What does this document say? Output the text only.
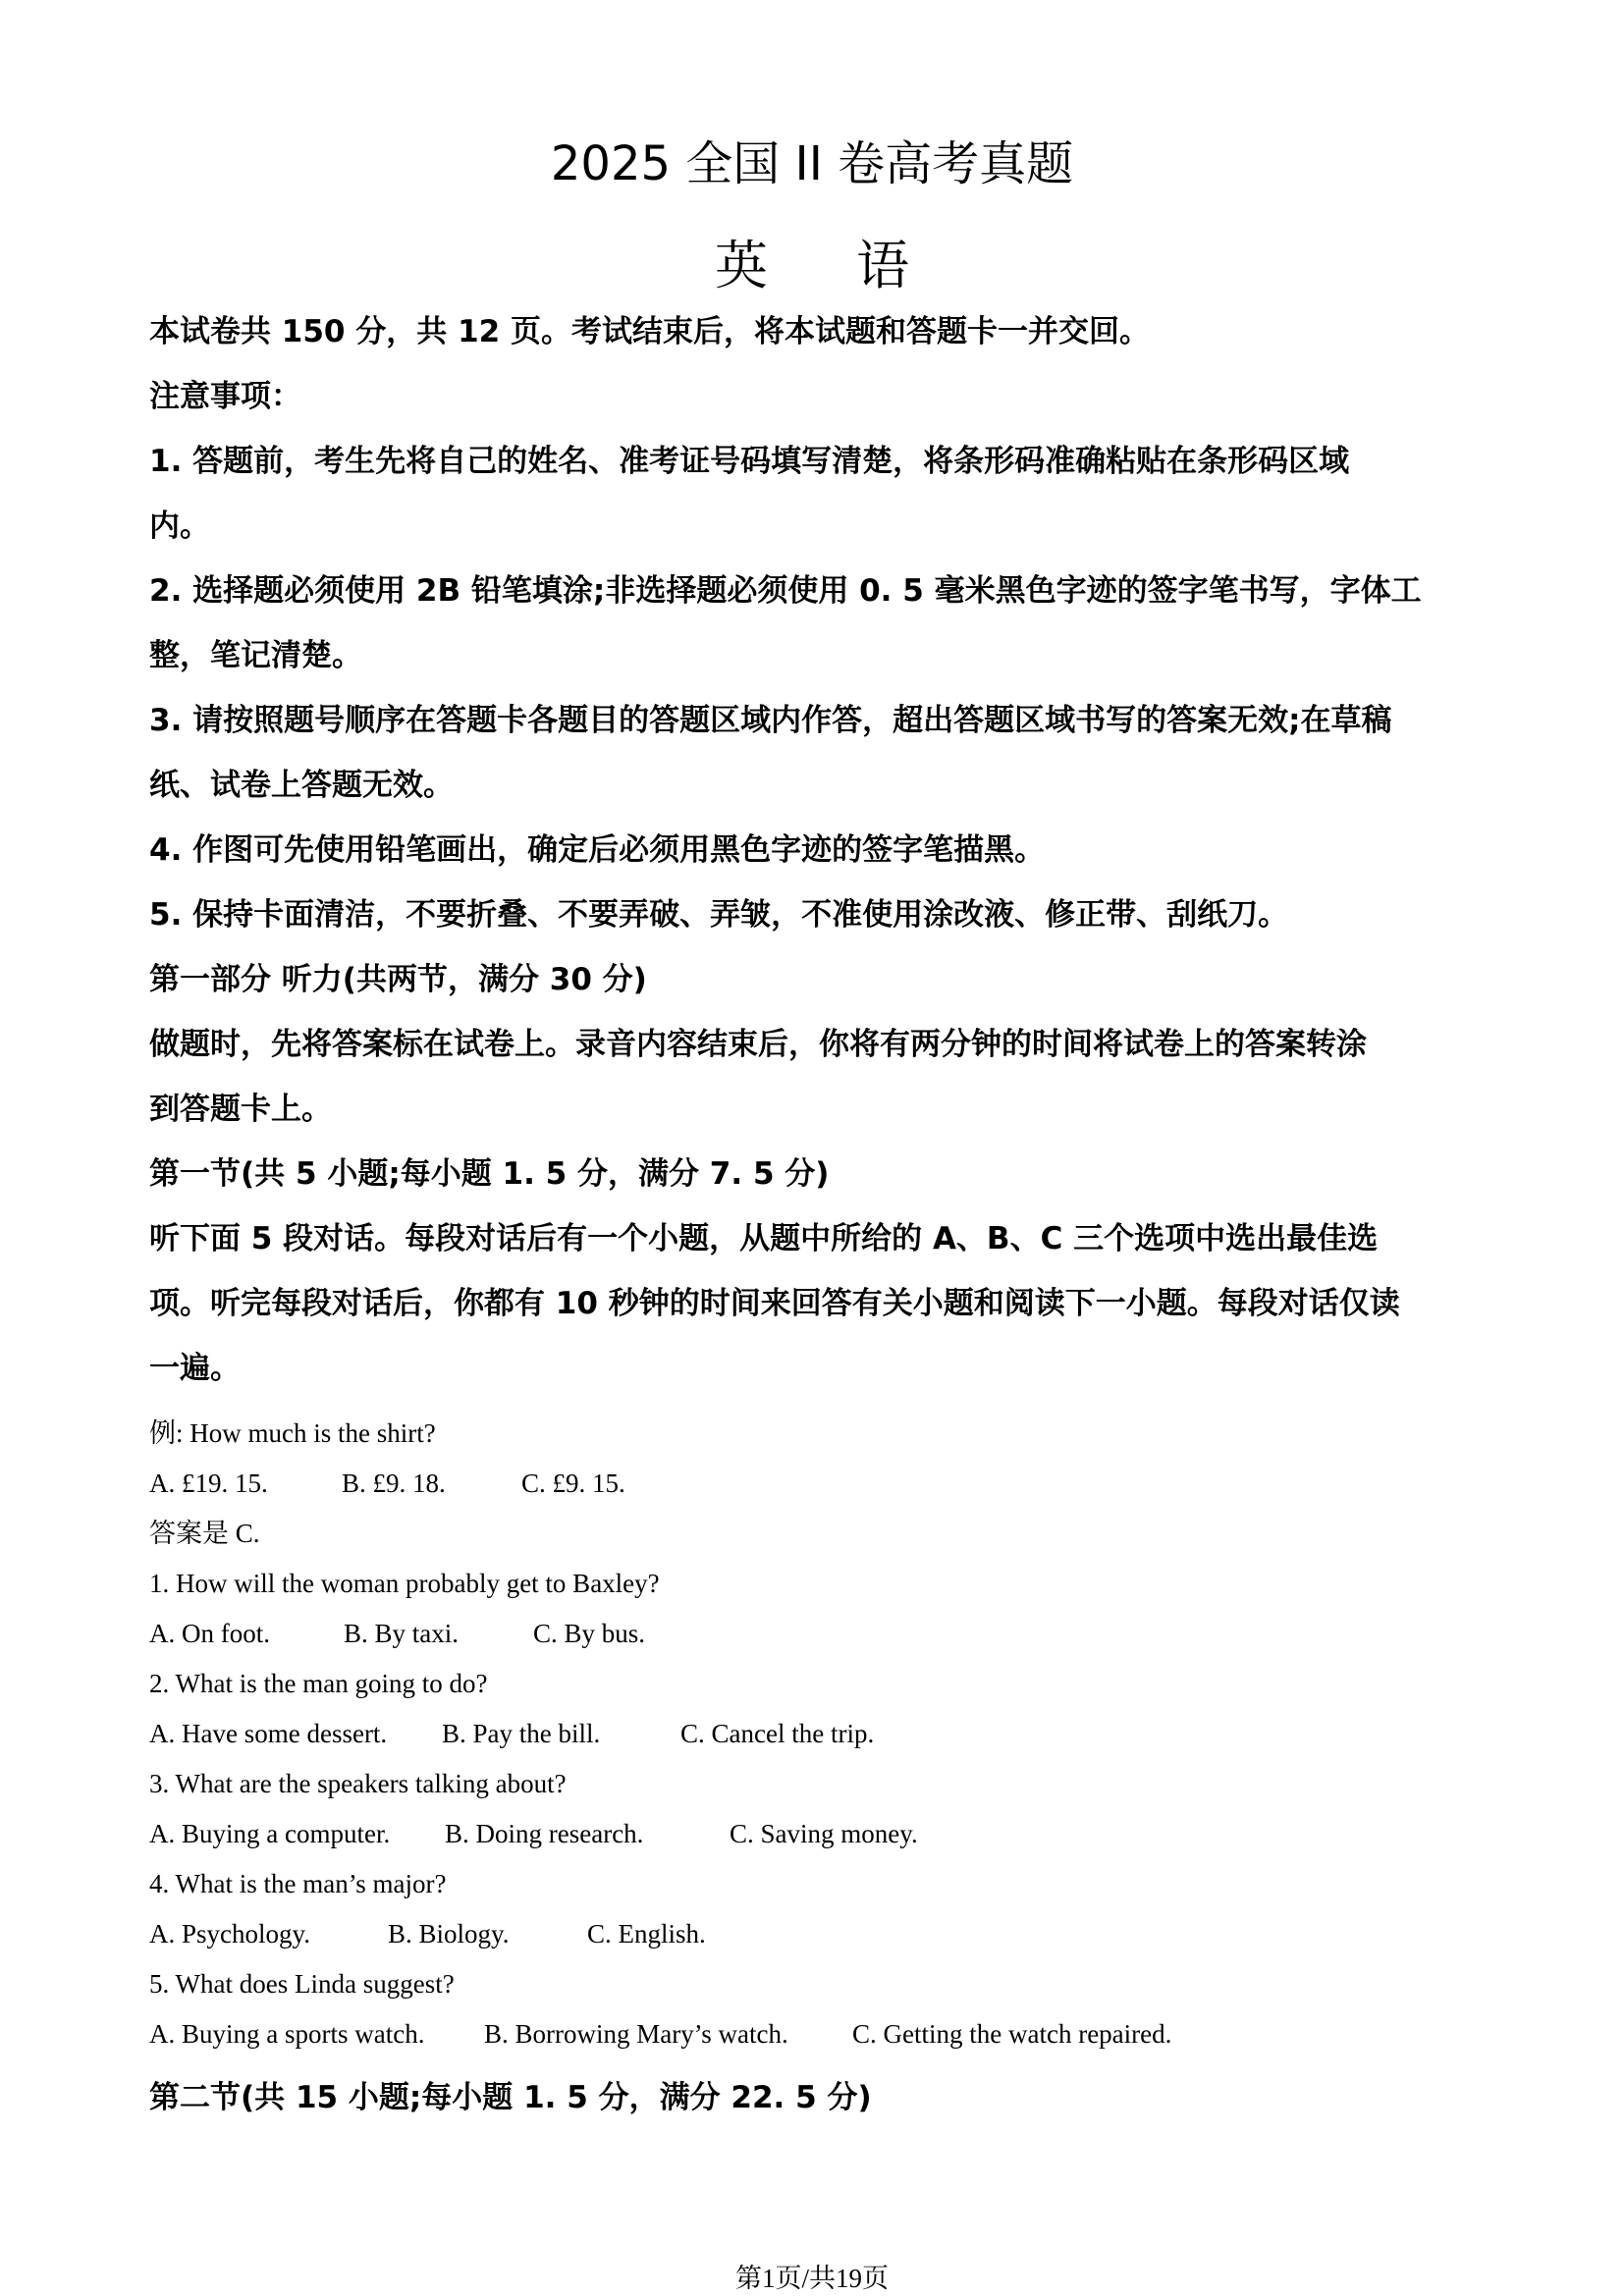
2025 全国 II 卷高考真题
英语
本试卷共 150 分，共 12 页。考试结束后，将本试题和答题卡一并交回。
注意事项：
1. 答题前，考生先将自己的姓名、准考证号码填写清楚，将条形码准确粘贴在条形码区域
内。
2. 选择题必须使用 2B 铅笔填涂;非选择题必须使用 0. 5 毫米黑色字迹的签字笔书写，字体工
整，笔记清楚。
3. 请按照题号顺序在答题卡各题目的答题区域内作答，超出答题区域书写的答案无效;在草稿
纸、试卷上答题无效。
4. 作图可先使用铅笔画出，确定后必须用黑色字迹的签字笔描黑。
5. 保持卡面清洁，不要折叠、不要弄破、弄皱，不准使用涂改液、修正带、刮纸刀。
第一部分 听力(共两节，满分 30 分)
做题时，先将答案标在试卷上。录音内容结束后，你将有两分钟的时间将试卷上的答案转涂
到答题卡上。
第一节(共 5 小题;每小题 1. 5 分，满分 7. 5 分)
听下面 5 段对话。每段对话后有一个小题，从题中所给的 A、B、C 三个选项中选出最佳选
项。听完每段对话后，你都有 10 秒钟的时间来回答有关小题和阅读下一小题。每段对话仅读
一遍。
例: How much is the shirt?
A. £19. 15.	B. £9. 18.	C. £9. 15.
答案是 C.
1. How will the woman probably get to Baxley?
A. On foot.	B. By taxi.	C. By bus.
2. What is the man going to do?
A. Have some dessert. B. Pay the bill.	C. Cancel the trip.
3. What are the speakers talking about?
A. Buying a computer. B. Doing research.	C. Saving money.
4. What is the man’s major?
A. Psychology.	B. Biology.	C. English.
5. What does Linda suggest?
A. Buying a sports watch. B. Borrowing Mary’s watch. C. Getting the watch repaired.
第二节(共 15 小题;每小题 1. 5 分，满分 22. 5 分)
第1页/共19页
